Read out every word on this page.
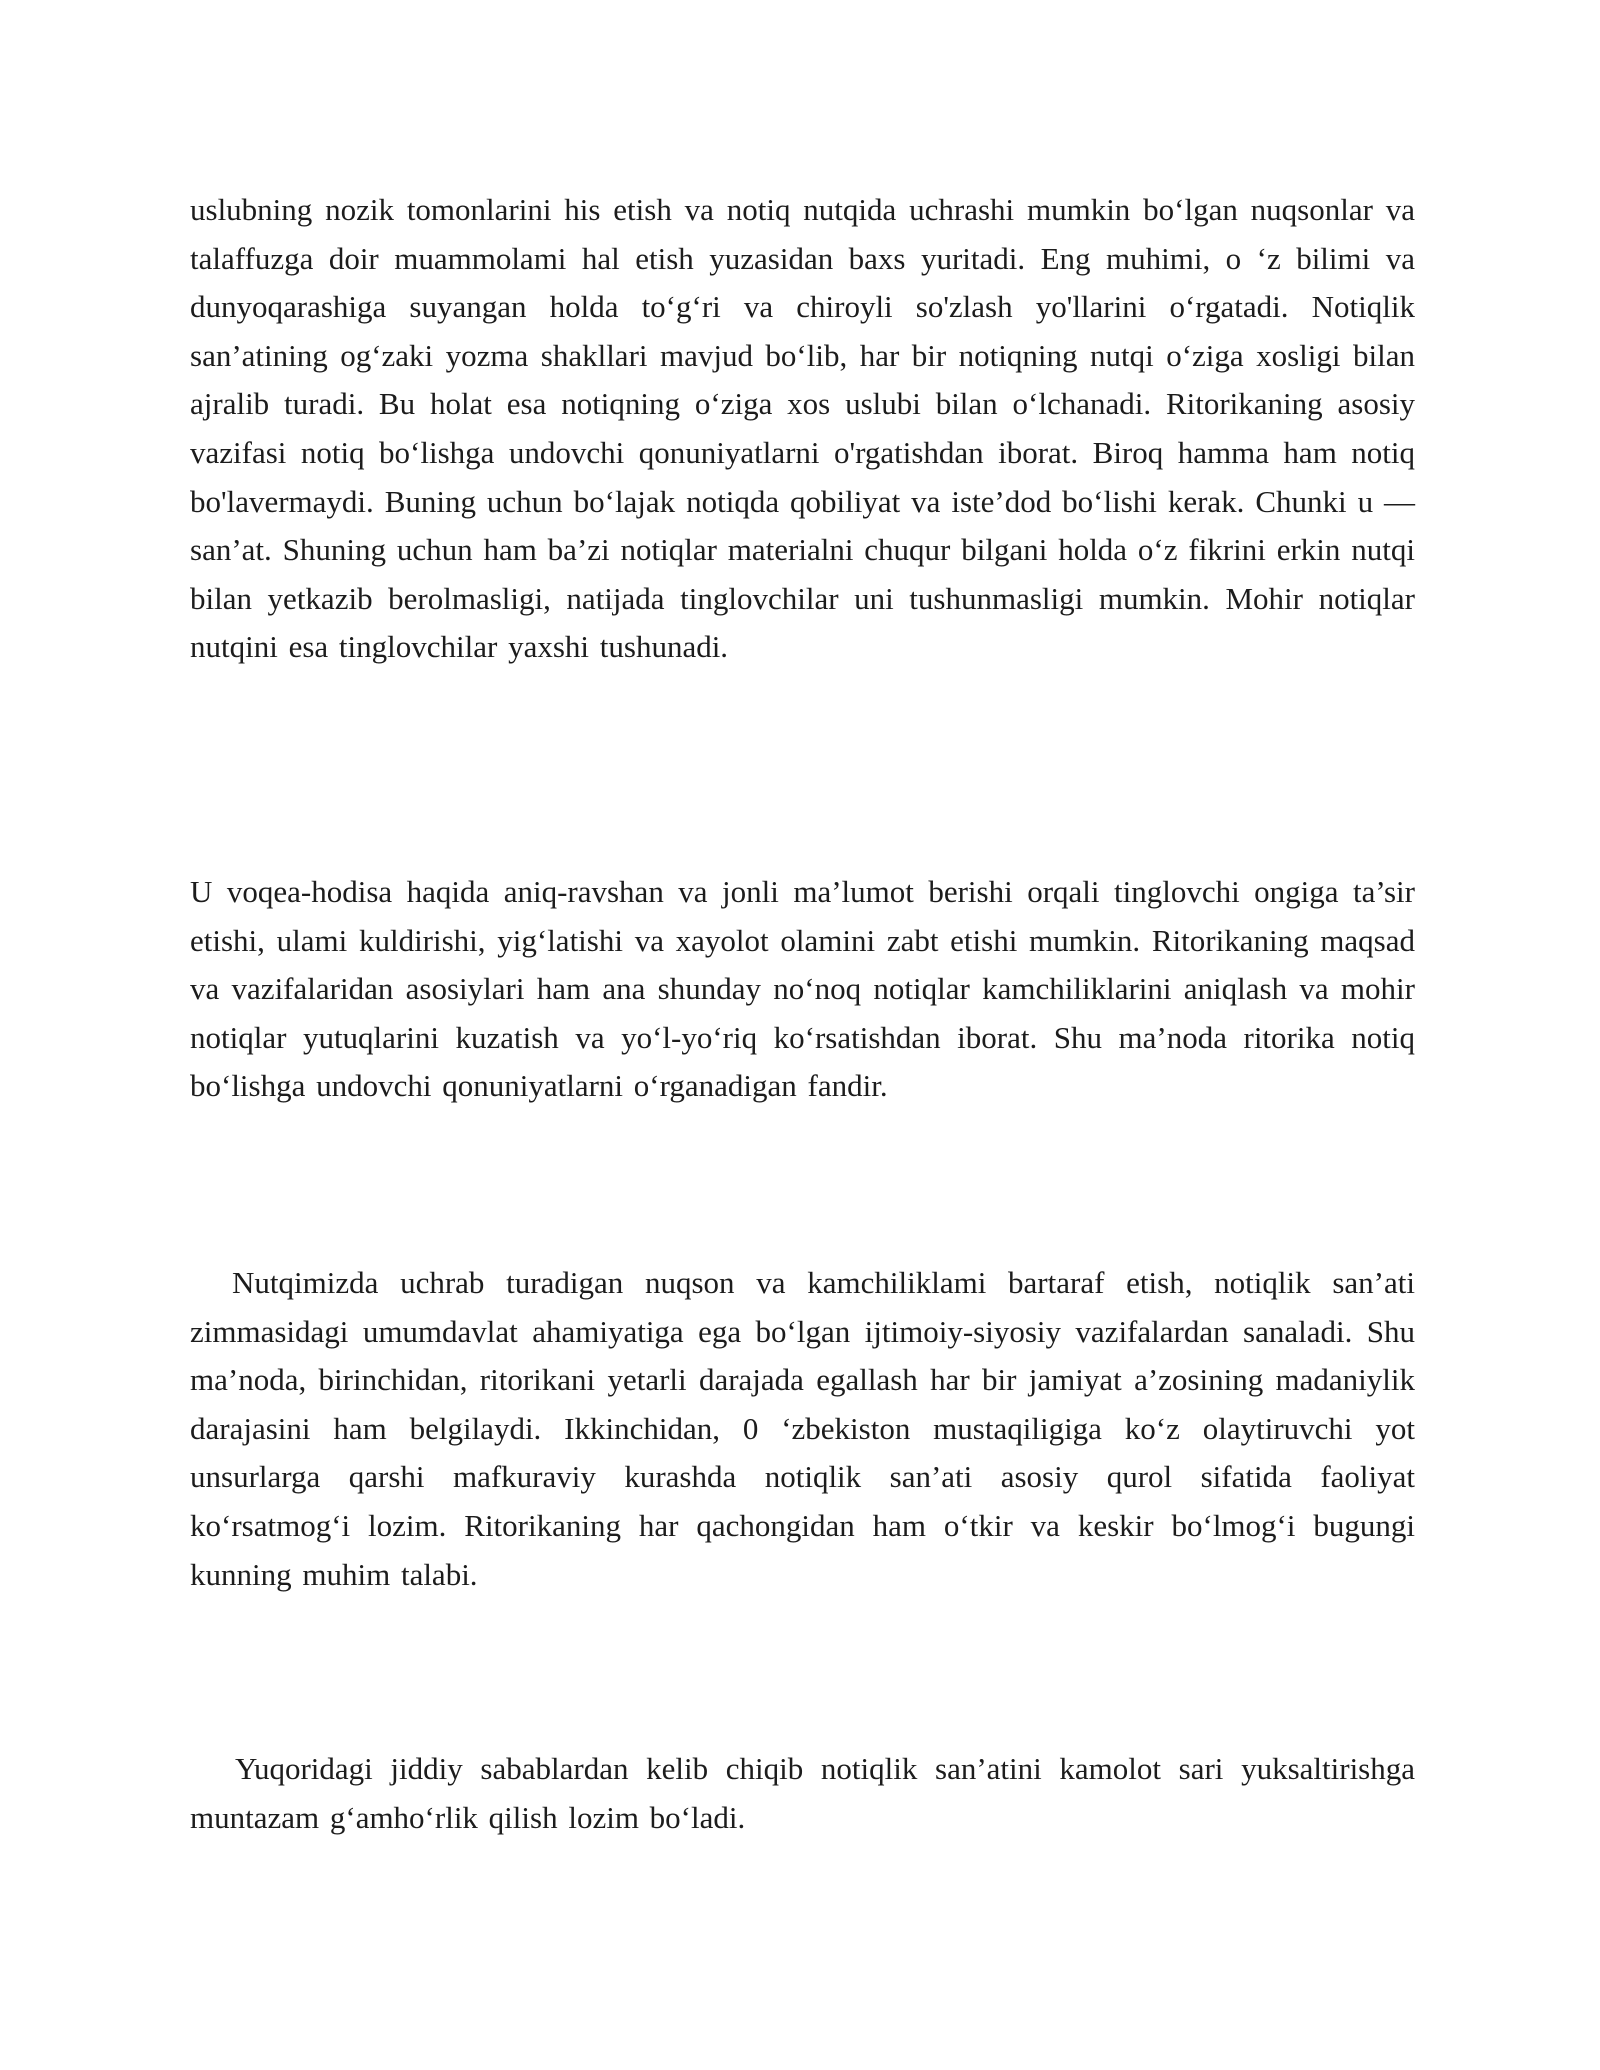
uslubning nozik tomonlarini his etish va notiq nutqida uchrashi mumkin bo‘lgan nuqsonlar va talaffuzga doir muammolami hal etish yuzasidan baxs yuritadi. Eng muhimi, o ‘z bilimi va dunyoqarashiga suyangan holda to‘g‘ri va chiroyli so'zlash yo'llarini o‘rgatadi. Notiqlik san’atining og‘zaki yozma shakllari mavjud bo‘lib, har bir notiqning nutqi o‘ziga xosligi bilan ajralib turadi. Bu holat esa notiqning o‘ziga xos uslubi bilan o‘lchanadi. Ritorikaning asosiy vazifasi notiq bo‘lishga undovchi qonuniyatlarni o'rgatishdan iborat. Biroq hamma ham notiq bo'lavermaydi. Buning uchun bo‘lajak notiqda qobiliyat va iste’dod bo‘lishi kerak. Chunki u — san’at. Shuning uchun ham ba’zi notiqlar materialni chuqur bilgani holda o‘z fikrini erkin nutqi bilan yetkazib berolmasligi, natijada tinglovchilar uni tushunmasligi mumkin. Mohir notiqlar nutqini esa tinglovchilar yaxshi tushunadi.

U voqea-hodisa haqida aniq-ravshan va jonli ma’lumot berishi orqali tinglovchi ongiga ta’sir etishi, ulami kuldirishi, yig‘latishi va xayolot olamini zabt etishi mumkin. Ritorikaning maqsad va vazifalaridan asosiylari ham ana shunday no‘noq notiqlar kamchiliklarini aniqlash va mohir notiqlar yutuqlarini kuzatish va yo‘l-yo‘riq ko‘rsatishdan iborat. Shu ma’noda ritorika notiq bo‘lishga undovchi qonuniyatlarni o‘rganadigan fandir.

Nutqimizda uchrab turadigan nuqson va kamchiliklami bartaraf etish, notiqlik san’ati zimmasidagi umumdavlat ahamiyatiga ega bo‘lgan ijtimoiy-siyosiy vazifalardan sanaladi. Shu ma’noda, birinchidan, ritorikani yetarli darajada egallash har bir jamiyat a’zosining madaniylik darajasini ham belgilaydi. Ikkinchidan, 0 ‘zbekiston mustaqiligiga ko‘z olaytiruvchi yot unsurlarga qarshi mafkuraviy kurashda notiqlik san’ati asosiy qurol sifatida faoliyat ko‘rsatmog‘i lozim. Ritorikaning har qachongidan ham o‘tkir va keskir bo‘lmog‘i bugungi kunning muhim talabi.

Yuqoridagi jiddiy sabablardan kelib chiqib notiqlik san’atini kamolot sari yuksaltirishga muntazam g‘amho‘rlik qilish lozim bo‘ladi.
